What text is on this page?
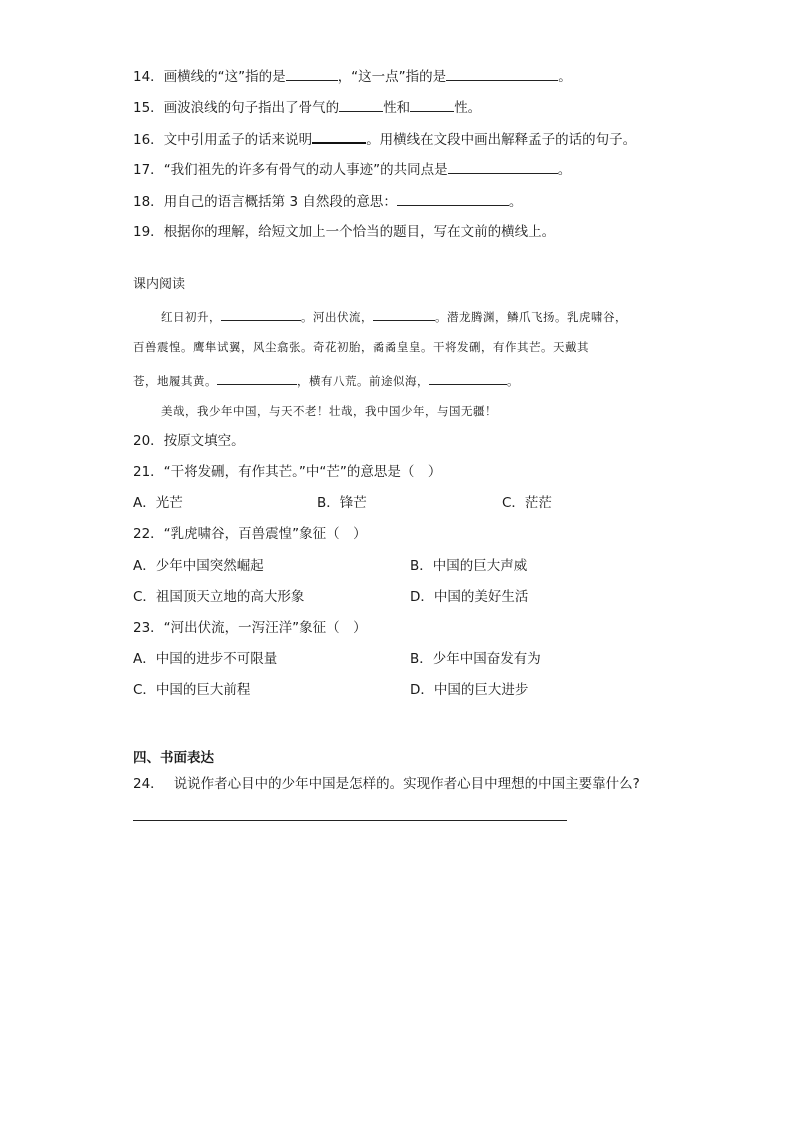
14．画横线的“这”指的是	，“这一点”指的是	。
15．画波浪线的句子指出了骨气的	性和	性。
16．文中引用孟子的话来说明	。用横线在文段中画出解释孟子的话的句子。
17．“我们祖先的许多有骨气的动人事迹”的共同点是	。
18．用自己的语言概括第 3 自然段的意思：	。
19．根据你的理解，给短文加上一个恰当的题目，写在文前的横线上。
课内阅读
红日初升，	。河出伏流，	。潜龙腾渊，鳞爪飞扬。乳虎啸谷，
百兽震惶。鹰隼试翼，风尘翕张。奇花初胎，矞矞皇皇。干将发硎，有作其芒。天戴其
苍，地履其黄。	，横有八荒。前途似海，	。
美哉，我少年中国，与天不老！壮哉，我中国少年，与国无疆！
20．按原文填空。
21．“干将发硎，有作其芒。”中“芒”的意思是（　）
A．光芒	B．锋芒	C．茫茫
22．“乳虎啸谷，百兽震惶”象征（　）
A．少年中国突然崛起	B．中国的巨大声威
C．祖国顶天立地的高大形象	D．中国的美好生活
23．“河出伏流，一泻汪洋”象征（　）
A．中国的进步不可限量	B．少年中国奋发有为
C．中国的巨大前程	D．中国的巨大进步
四、书面表达
24． 说说作者心目中的少年中国是怎样的。实现作者心目中理想的中国主要靠什么?
